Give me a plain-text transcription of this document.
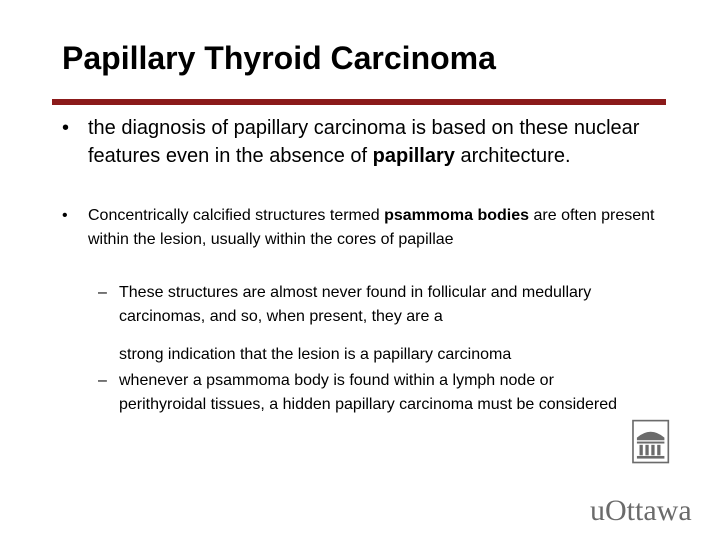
Papillary Thyroid Carcinoma
• the diagnosis of papillary carcinoma is based on these nuclear features even in the absence of papillary architecture.
• Concentrically calcified structures termed psammoma bodies are often present within the lesion, usually within the cores of papillae
– These structures are almost never found in follicular and medullary carcinomas, and so, when present, they are a
strong indication that the lesion is a papillary carcinoma
– whenever a psammoma body is found within a lymph node or perithyroidal tissues, a hidden papillary carcinoma must be considered
uOttawa
